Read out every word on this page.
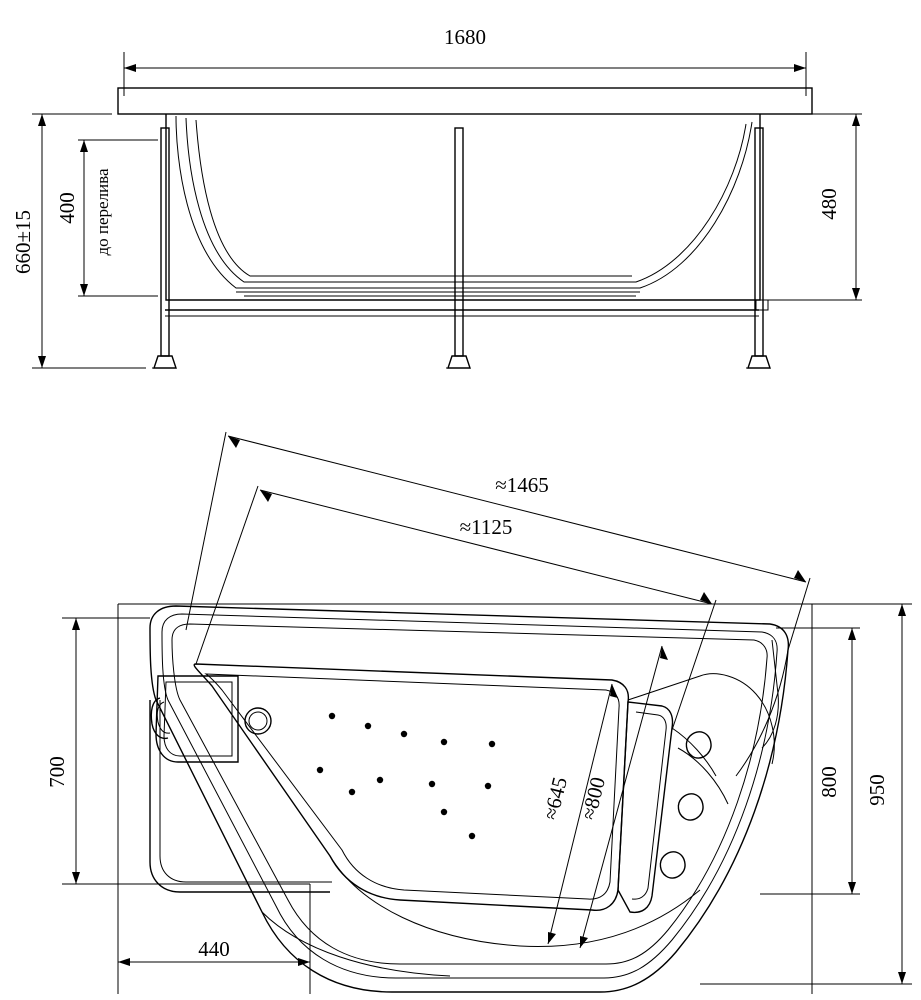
1680
660±15
400 до перелива	480
≈1465
≈1125
700	800 950
440
≈645 ≈800
